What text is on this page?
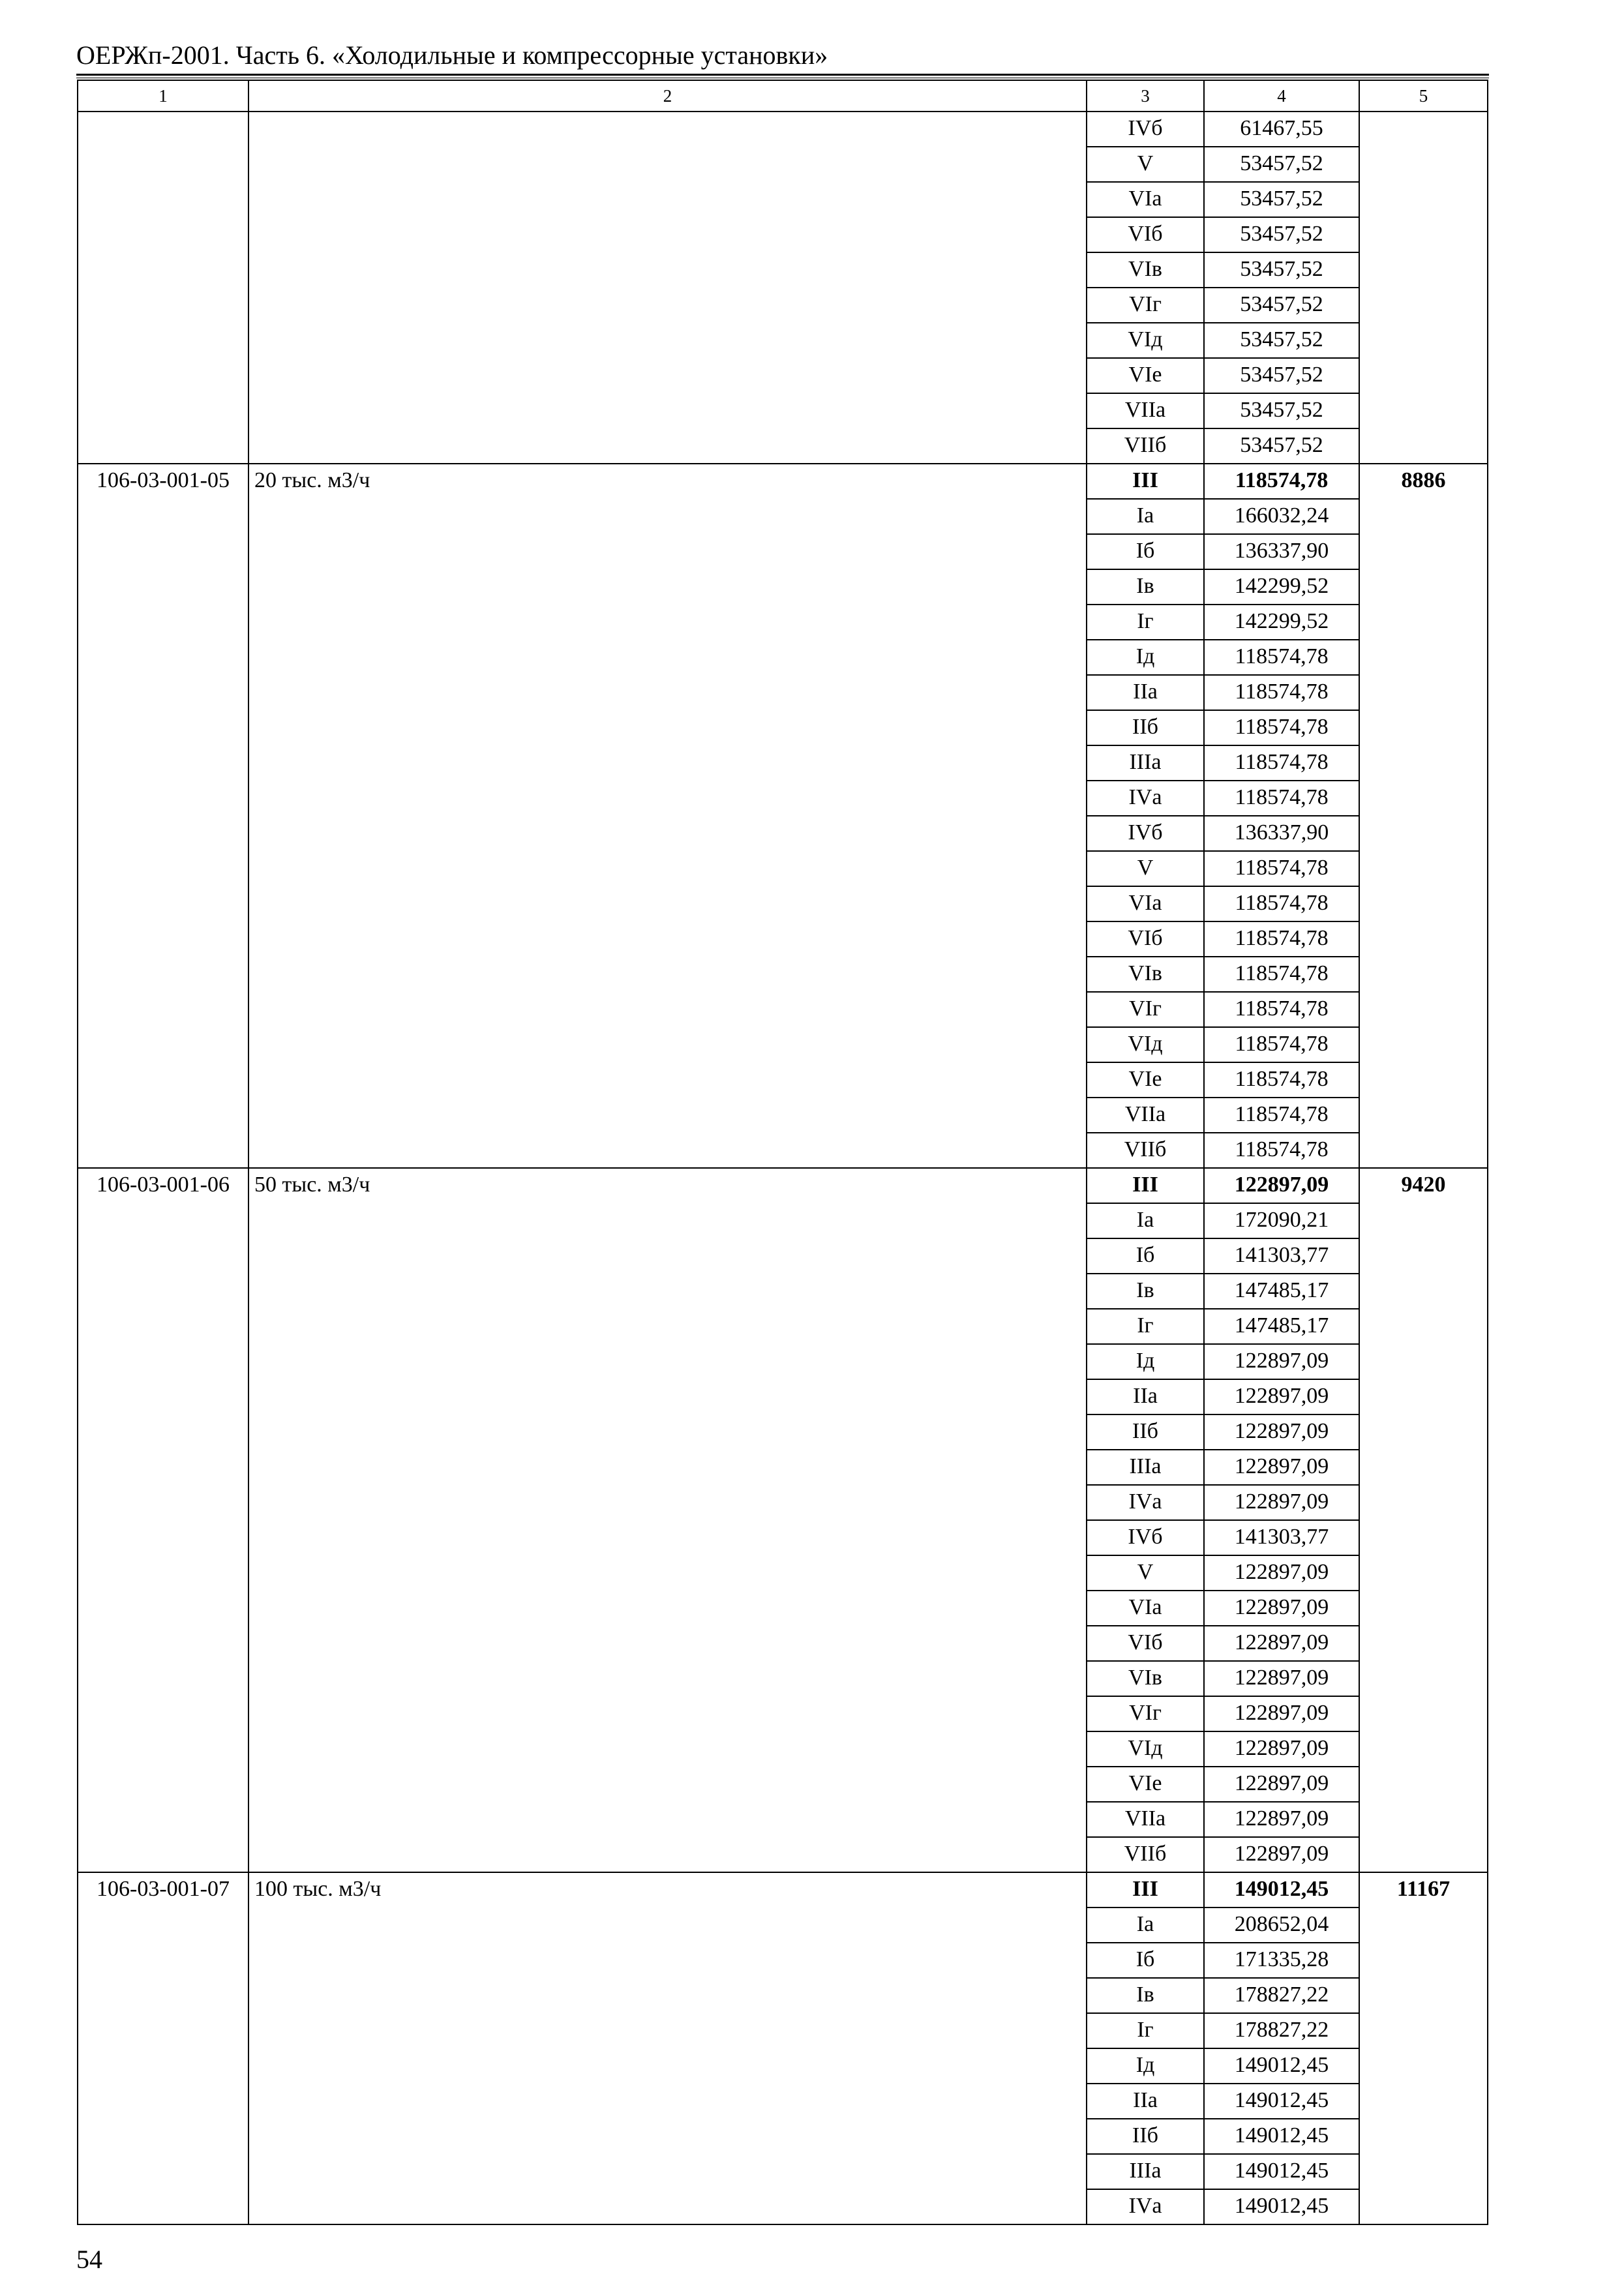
ОЕРЖп-2001. Часть 6. «Холодильные и компрессорные установки»
1	2	3	4	5
		IVб	61467,55	
		V	53457,52	
		VIа	53457,52	
		VIб	53457,52	
		VIв	53457,52	
		VIг	53457,52	
		VIд	53457,52	
		VIе	53457,52	
		VIIа	53457,52	
		VIIб	53457,52	
106-03-001-05	20 тыс. м3/ч	III	118574,78	8886
		Iа	166032,24	
		Iб	136337,90	
		Iв	142299,52	
		Iг	142299,52	
		Iд	118574,78	
		IIа	118574,78	
		IIб	118574,78	
		IIIа	118574,78	
		IVа	118574,78	
		IVб	136337,90	
		V	118574,78	
		VIа	118574,78	
		VIб	118574,78	
		VIв	118574,78	
		VIг	118574,78	
		VIд	118574,78	
		VIе	118574,78	
		VIIа	118574,78	
		VIIб	118574,78	
106-03-001-06	50 тыс. м3/ч	III	122897,09	9420
		Iа	172090,21	
		Iб	141303,77	
		Iв	147485,17	
		Iг	147485,17	
		Iд	122897,09	
		IIа	122897,09	
		IIб	122897,09	
		IIIа	122897,09	
		IVа	122897,09	
		IVб	141303,77	
		V	122897,09	
		VIа	122897,09	
		VIб	122897,09	
		VIв	122897,09	
		VIг	122897,09	
		VIд	122897,09	
		VIе	122897,09	
		VIIа	122897,09	
		VIIб	122897,09	
106-03-001-07	100 тыс. м3/ч	III	149012,45	11167
		Iа	208652,04	
		Iб	171335,28	
		Iв	178827,22	
		Iг	178827,22	
		Iд	149012,45	
		IIа	149012,45	
		IIб	149012,45	
		IIIа	149012,45	
		IVа	149012,45	
54
